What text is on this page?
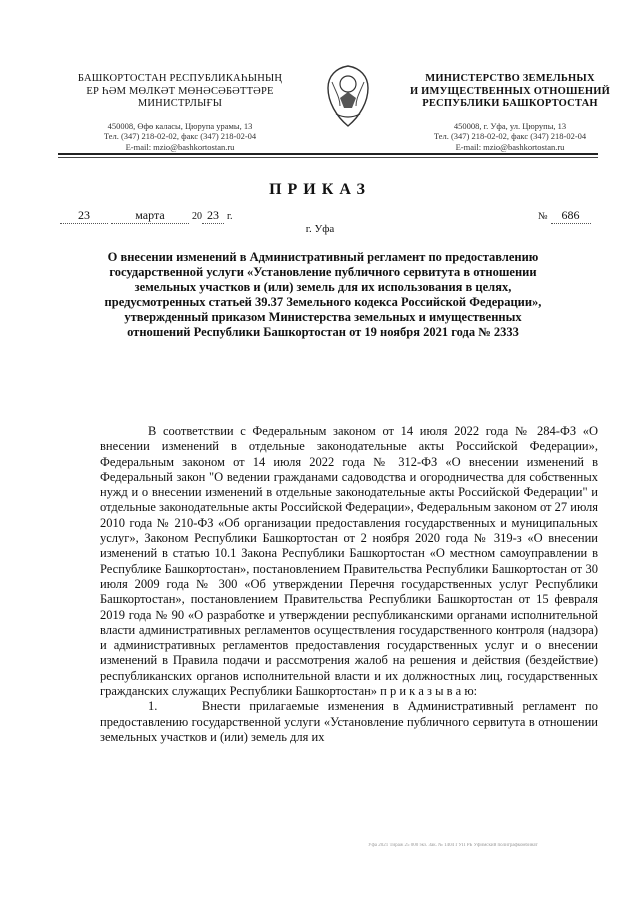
БАШКОРТОСТАН РЕСПУБЛИКАҺЫНЫҢ
ЕР ҺӘМ МӨЛКӘТ МӨНӘСӘБӘТТӘРЕ
МИНИСТРЛЫҒЫ
450008, Өфө каласы, Цюрупа урамы, 13
Тел. (347) 218-02-02, факс (347) 218-02-04
E-mail: mzio@bashkortostan.ru
МИНИСТЕРСТВО ЗЕМЕЛЬНЫХ
И ИМУЩЕСТВЕННЫХ ОТНОШЕНИЙ
РЕСПУБЛИКИ БАШКОРТОСТАН
450008, г. Уфа, ул. Цюрупы, 13
Тел. (347) 218-02-02, факс (347) 218-02-04
E-mail: mzio@bashkortostan.ru
ПРИКАЗ
23	марта	20 23 г.	№ 686
г. Уфа
О внесении изменений в Административный регламент по предоставлению государственной услуги «Установление публичного сервитута в отношении земельных участков и (или) земель для их использования в целях, предусмотренных статьей 39.37 Земельного кодекса Российской Федерации», утвержденный приказом Министерства земельных и имущественных отношений Республики Башкортостан от 19 ноября 2021 года № 2333
В соответствии с Федеральным законом от 14 июля 2022 года № 284-ФЗ «О внесении изменений в отдельные законодательные акты Российской Федерации», Федеральным законом от 14 июля 2022 года № 312-ФЗ «О внесении изменений в Федеральный закон "О ведении гражданами садоводства и огородничества для собственных нужд и о внесении изменений в отдельные законодательные акты Российской Федерации" и отдельные законодательные акты Российской Федерации», Федеральным законом от 27 июля 2010 года № 210-ФЗ «Об организации предоставления государственных и муниципальных услуг», Законом Республики Башкортостан от 2 ноября 2020 года № 319-з «О внесении изменений в статью 10.1 Закона Республики Башкортостан «О местном самоуправлении в Республике Башкортостан», постановлением Правительства Республики Башкортостан от 30 июля 2009 года № 300 «Об утверждении Перечня государственных услуг Республики Башкортостан», постановлением Правительства Республики Башкортостан от 15 февраля 2019 года № 90 «О разработке и утверждении республиканскими органами исполнительной власти административных регламентов осуществления государственного контроля (надзора) и административных регламентов предоставления государственных услуг и о внесении изменений в Правила подачи и рассмотрения жалоб на решения и действия (бездействие) республиканских органов исполнительной власти и их должностных лиц, государственных гражданских служащих Республики Башкортостан» п р и к а з ы в а ю:
1.     Внести прилагаемые изменения в Административный регламент по предоставлению государственной услуги «Установление публичного сервитута в отношении земельных участков и (или) земель для их
Уфа 2021 Тираж 25 000 экз. Зак. № 1404 ГУП РБ Уфимский полиграфкомбинат
